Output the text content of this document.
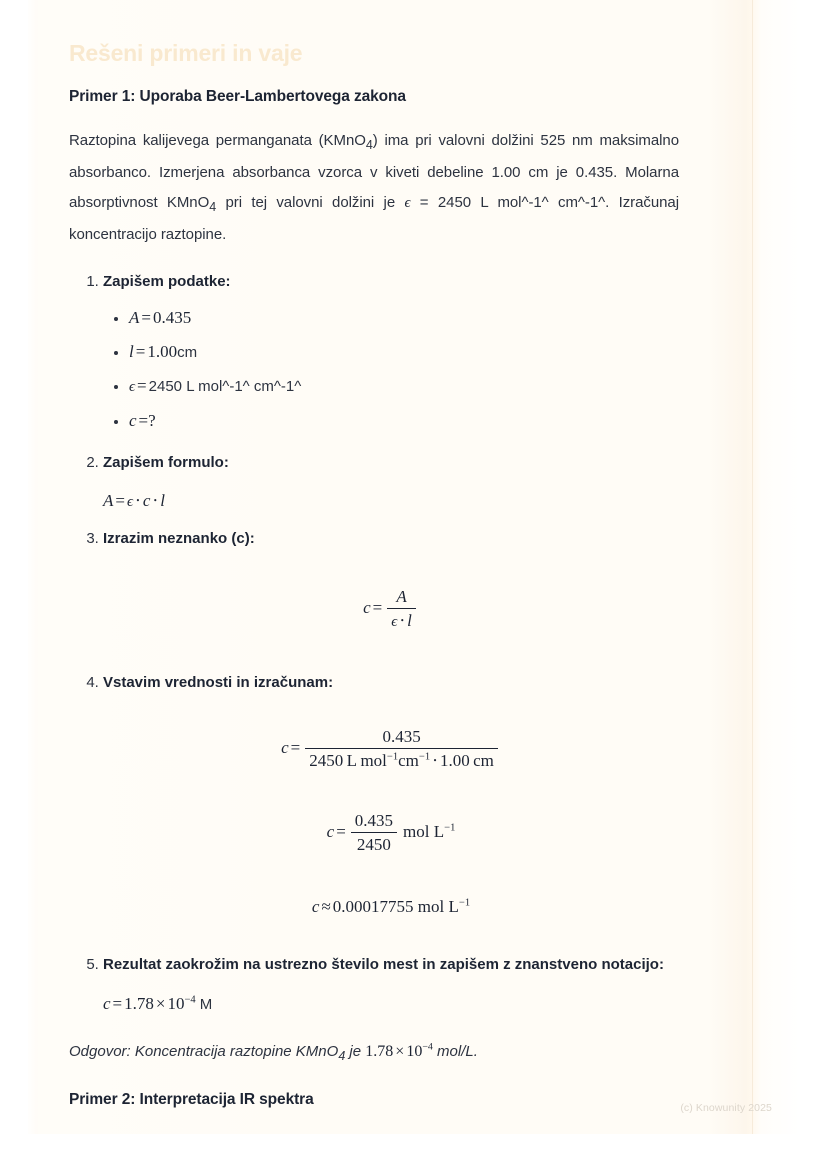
Rešeni primeri in vaje
Primer 1: Uporaba Beer-Lambertovega zakona

Raztopina kalijevega permanganata (KMnO$_4$) ima pri valovni dolžini 525 nm maksimalno absorbanco. Izmerjena absorbanca vzorca v kiveti debeline 1.00 cm je 0.435. Molarna absorptivnost KMnO$_4$ pri tej valovni dolžini je ϵ = 2450 L mol^-1^ cm^-1^. Izračunaj koncentracijo raztopine.

1. Zapišem podatke:
• A = 0.435
• l = 1.00cm
• ϵ = 2450 L mol^-1^ cm^-1^
• c =?
2. Zapišem formulo:
A = ϵ ⋅ c ⋅ l
3. Izrazim neznanko (c):
$c = \frac{A}{\epsilon \cdot l}$
4. Vstavim vrednosti in izračunam:
$c = \frac{0.435}{2450 L mol^{-1}cm^{-1} \cdot 1.00 cm}$
$c = \frac{0.435}{2450}$ mol $L^{-1}$
c ≈ 0.00017755 mol $L^{-1}$
5. Rezultat zaokrožim na ustrezno število mest in zapišem z znanstveno notacijo:
$c = 1.78 \times 10^{-4}$ M

Odgovor: Koncentracija raztopine KMnO$_4$ je $1.78 \times 10^{-4}$ mol/L.

Primer 2: Interpretacija IR spektra
(c) Knowunity 2025
